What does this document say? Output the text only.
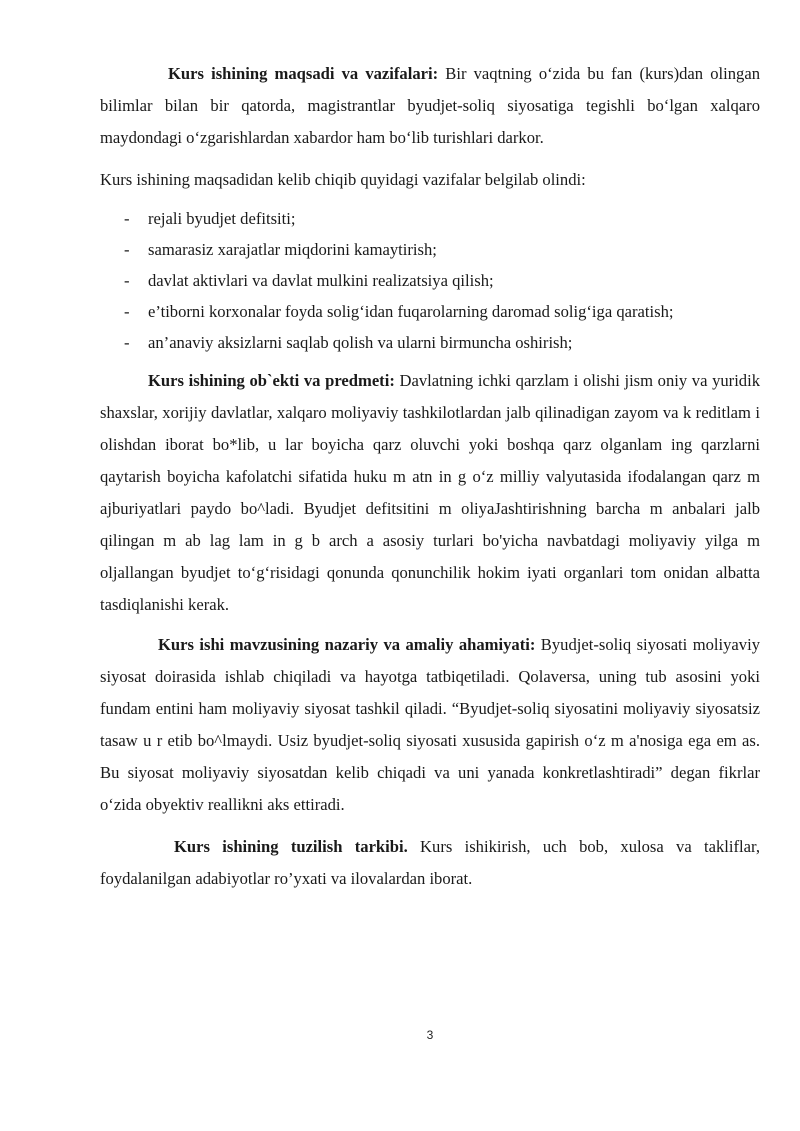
Kurs ishining maqsadi va vazifalari: Bir vaqtning o‘zida bu fan (kurs)dan olingan bilimlar bilan bir qatorda, magistrantlar byudjet-soliq siyosatiga tegishli bo‘lgan xalqaro maydondagi o‘zgarishlardan xabardor ham bo‘lib turishlari darkor.

Kurs ishining maqsadidan kelib chiqib quyidagi vazifalar belgilab olindi:

- rejali byudjet defitsiti;
- samarasiz xarajatlar miqdorini kamaytirish;
- davlat aktivlari va davlat mulkini realizatsiya qilish;
- e’tiborni korxonalar foyda solig‘idan fuqarolarning daromad solig‘iga qaratish;
- an’anaviy aksizlarni saqlab qolish va ularni birmuncha oshirish;

Kurs ishining ob`ekti va predmeti: Davlatning ichki qarzlam i olishi jism oniy va yuridik shaxslar, xorijiy davlatlar, xalqaro moliyaviy tashkilotlardan jalb qilinadigan zayom va k reditlam i olishdan iborat bo*lib, u lar boyicha qarz oluvchi yoki boshqa qarz olganlam ing qarzlarni qaytarish boyicha kafolatchi sifatida huku m atn in g o‘z milliy valyutasida ifodalangan qarz m ajburiyatlari paydo bo^ladi. Byudjet defitsitini m oliyaJashtirishning barcha m anbalari jalb qilingan m ab lag lam in g b arch a asosiy turlari bo'yicha navbatdagi moliyaviy yilga m oljallangan byudjet to‘g‘risidagi qonunda qonunchilik hokim iyati organlari tom onidan albatta tasdiqlanishi kerak.

Kurs ishi mavzusining nazariy va amaliy ahamiyati: Byudjet-soliq siyosati moliyaviy siyosat doirasida ishlab chiqiladi va hayotga tatbiqetiladi. Qolaversa, uning tub asosini yoki fundam entini ham moliyaviy siyosat tashkil qiladi. “Byudjet-soliq siyosatini moliyaviy siyosatsiz tasaw u r etib bo^lmaydi. Usiz byudjet-soliq siyosati xususida gapirish o‘z m a'nosiga ega em as. Bu siyosat moliyaviy siyosatdan kelib chiqadi va uni yanada konkretlashtiradi” degan fikrlar o‘zida obyektiv reallikni aks ettiradi.

Kurs ishining tuzilish tarkibi. Kurs ishikirish, uch bob, xulosa va takliflar, foydalanilgan adabiyotlar ro’yxati va ilovalardan iborat.

3
